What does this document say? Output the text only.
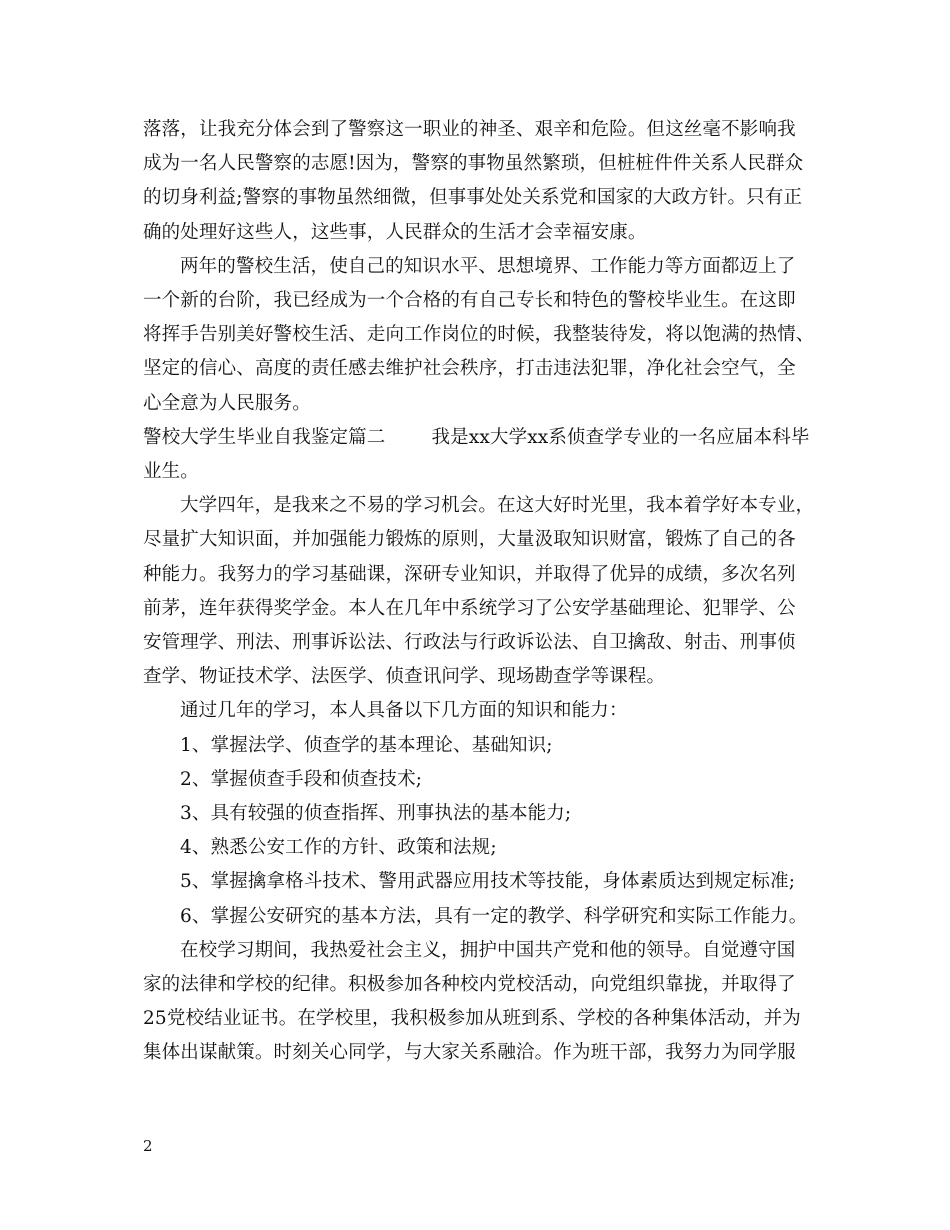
落落，让我充分体会到了警察这一职业的神圣、艰辛和危险。但这丝毫不影响我
成为一名人民警察的志愿!因为，警察的事物虽然繁琐，但桩桩件件关系人民群众
的切身利益;警察的事物虽然细微，但事事处处关系党和国家的大政方针。只有正
确的处理好这些人，这些事，人民群众的生活才会幸福安康。
两年的警校生活，使自己的知识水平、思想境界、工作能力等方面都迈上了
一个新的台阶，我已经成为一个合格的有自己专长和特色的警校毕业生。在这即
将挥手告别美好警校生活、走向工作岗位的时候，我整装待发，将以饱满的热情、
坚定的信心、高度的责任感去维护社会秩序，打击违法犯罪，净化社会空气，全
心全意为人民服务。
警校大学生毕业自我鉴定篇二 我是xx大学xx系侦查学专业的一名应届本科毕
业生。
大学四年，是我来之不易的学习机会。在这大好时光里，我本着学好本专业，
尽量扩大知识面，并加强能力锻炼的原则，大量汲取知识财富，锻炼了自己的各
种能力。我努力的学习基础课，深研专业知识，并取得了优异的成绩，多次名列
前茅，连年获得奖学金。本人在几年中系统学习了公安学基础理论、犯罪学、公
安管理学、刑法、刑事诉讼法、行政法与行政诉讼法、自卫擒敌、射击、刑事侦
查学、物证技术学、法医学、侦查讯问学、现场勘查学等课程。
通过几年的学习，本人具备以下几方面的知识和能力：
1、掌握法学、侦查学的基本理论、基础知识;
2、掌握侦查手段和侦查技术;
3、具有较强的侦查指挥、刑事执法的基本能力;
4、熟悉公安工作的方针、政策和法规;
5、掌握擒拿格斗技术、警用武器应用技术等技能，身体素质达到规定标准;
6、掌握公安研究的基本方法，具有一定的教学、科学研究和实际工作能力。
在校学习期间，我热爱社会主义，拥护中国共产党和他的领导。自觉遵守国
家的法律和学校的纪律。积极参加各种校内党校活动，向党组织靠拢，并取得了
25党校结业证书。在学校里，我积极参加从班到系、学校的各种集体活动，并为
集体出谋献策。时刻关心同学，与大家关系融洽。作为班干部，我努力为同学服
2
